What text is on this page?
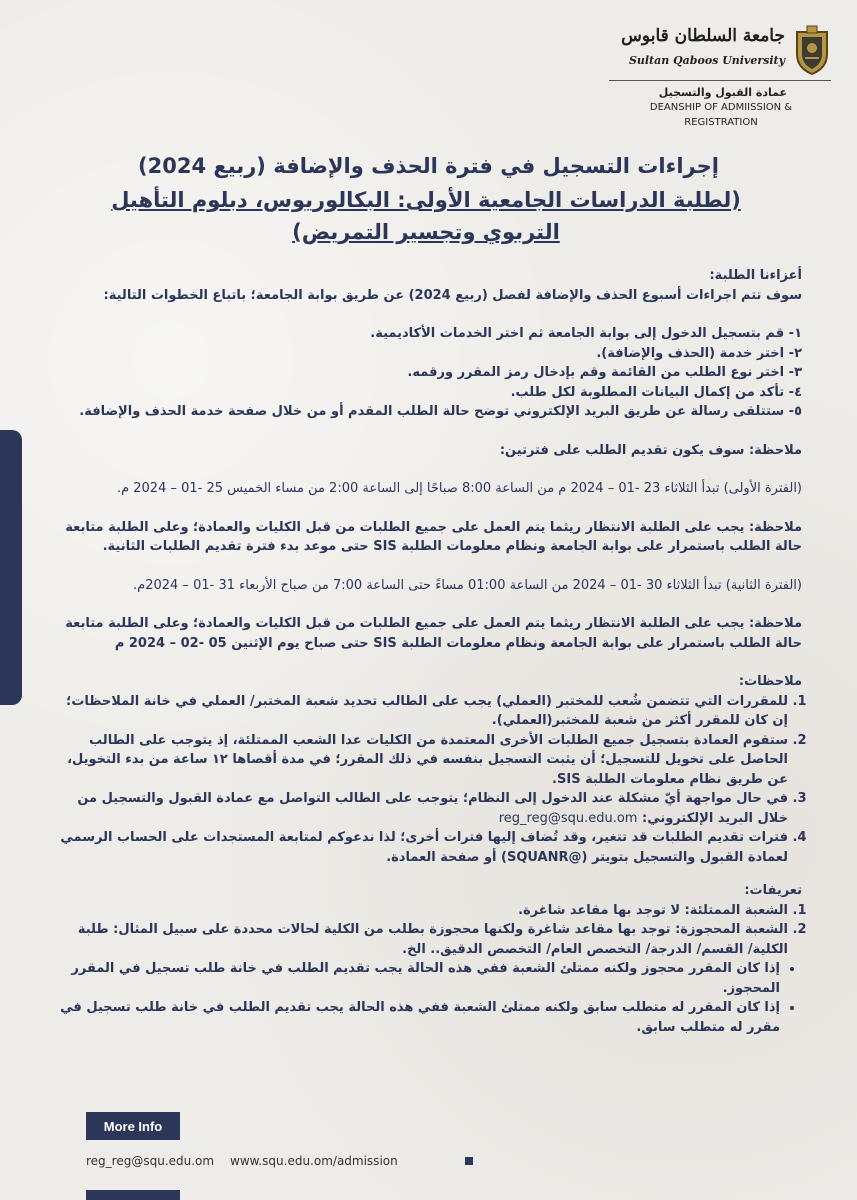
جامعة السلطان قابوس
Sultan Qaboos University
عمادة القبول والتسجيل
DEANSHIP OF ADMIISSION & REGISTRATION
إجراءات التسجيل في فترة الحذف والإضافة (ربيع 2024)
(لطلبة الدراسات الجامعية الأولى: البكالوريوس، دبلوم التأهيل التربوي وتجسير التمريض)

أعزاءنا الطلبة:

سوف تتم اجراءات أسبوع الحذف والإضافة لفصل (ربيع 2024) عن طريق بوابة الجامعة؛ باتباع الخطوات التالية:

١- قم بتسجيل الدخول إلى بوابة الجامعة ثم اختر الخدمات الأكاديمية.

٢- اختر خدمة (الحذف والإضافة).

٣- اختر نوع الطلب من القائمة وقم بإدخال رمز المقرر ورقمه.

٤- تأكد من إكمال البيانات المطلوبة لكل طلب.

٥- ستتلقى رسالة عن طريق البريد الإلكتروني توضح حالة الطلب المقدم أو من خلال صفحة خدمة الحذف والإضافة.

ملاحظة: سوف يكون تقديم الطلب على فترتين:

(الفترة الأولى) تبدأ الثلاثاء 23 -01 – 2024 م من الساعة 8:00 صباحًا إلى الساعة 2:00 من مساء الخميس 25 -01 – 2024 م.

ملاحظة: يجب على الطلبة الانتظار ريثما يتم العمل على جميع الطلبات من قبل الكليات والعمادة؛ وعلى الطلبة متابعة حالة الطلب باستمرار على بوابة الجامعة ونظام معلومات الطلبة SIS حتى موعد بدء فترة تقديم الطلبات الثانية.

(الفترة الثانية) تبدأ الثلاثاء 30 -01 – 2024 من الساعة 01:00 مساءً حتى الساعة 7:00 من صباح الأربعاء 31 -01 – 2024م.

ملاحظة: يجب على الطلبة الانتظار ريثما يتم العمل على جميع الطلبات من قبل الكليات والعمادة؛ وعلى الطلبة متابعة حالة الطلب باستمرار على بوابة الجامعة ونظام معلومات الطلبة SIS حتى صباح يوم الإثنين 05 -02 – 2024 م

ملاحظات:

1. للمقررات التي تتضمن شُعب للمختبر (العملي) يجب على الطالب تحديد شعبة المختبر/ العملي في خانة الملاحظات؛ إن كان للمقرر أكثر من شعبة للمختبر(العملي).
2. ستقوم العمادة بتسجيل جميع الطلبات الأخرى المعتمدة من الكليات عدا الشعب الممتلئة، إذ يتوجب على الطالب الحاصل على تخويل للتسجيل؛ أن يثبت التسجيل بنفسه في ذلك المقرر؛ في مدة أقصاها ١٢ ساعة من بدء التخويل، عن طريق نظام معلومات الطلبة SIS.
3. في حال مواجهة أيّ مشكلة عند الدخول إلى النظام؛ يتوجب على الطالب التواصل مع عمادة القبول والتسجيل من خلال البريد الإلكتروني: reg_reg@squ.edu.om
4. فترات تقديم الطلبات قد تتغير، وقد تُضاف إليها فترات أخرى؛ لذا ندعوكم لمتابعة المستجدات على الحساب الرسمي لعمادة القبول والتسجيل بتويتر (@SQUANR) أو صفحة العمادة.

تعريفات:

1. الشعبة الممتلئة: لا توجد بها مقاعد شاغرة.
2. الشعبة المحجوزة: توجد بها مقاعد شاغرة ولكنها محجوزة بطلب من الكلية لحالات محددة على سبيل المثال: طلبة الكلية/ القسم/ الدرجة/ التخصص العام/ التخصص الدقيق.. الخ.
• إذا كان المقرر محجوز ولكنه ممتلئ الشعبة ففي هذه الحالة يجب تقديم الطلب في خانة طلب تسجيل في المقرر المحجوز.
• إذا كان المقرر له متطلب سابق ولكنه ممتلئ الشعبة ففي هذه الحالة يجب تقديم الطلب في خانة طلب تسجيل في مقرر له متطلب سابق.
More Info
reg_reg@squ.edu.om www.squ.edu.om/admission
